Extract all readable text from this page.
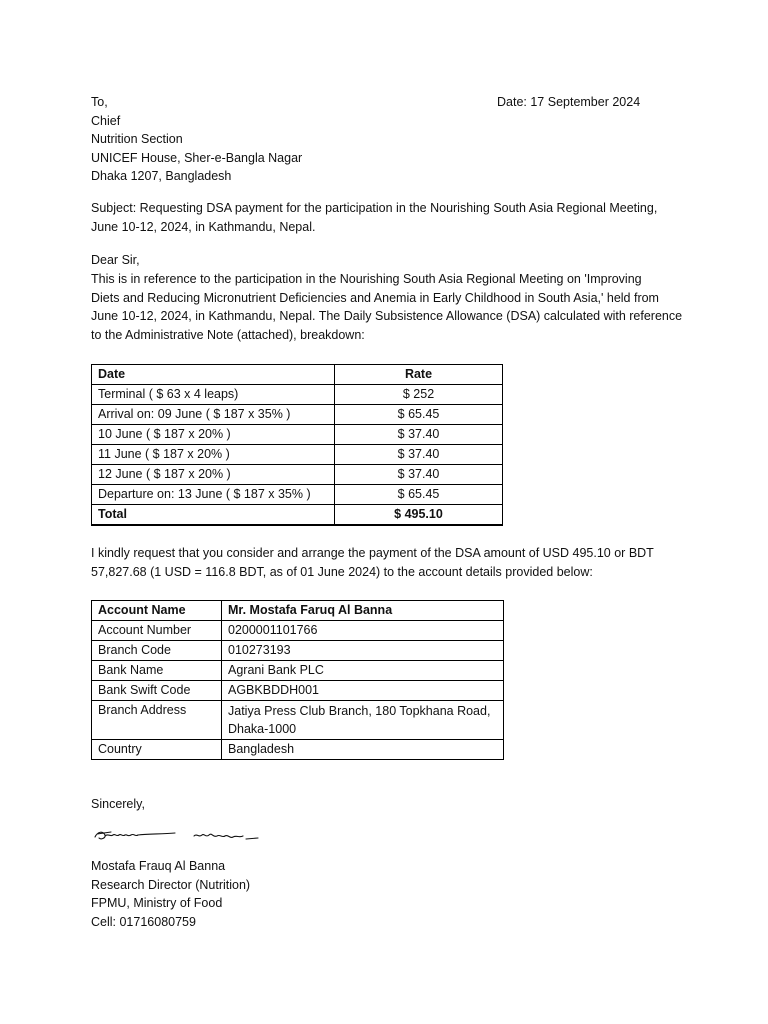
Date: 17 September 2024
To,
Chief
Nutrition Section
UNICEF House, Sher-e-Bangla Nagar
Dhaka 1207, Bangladesh
Subject: Requesting DSA payment for the participation in the Nourishing South Asia Regional Meeting,
June 10-12, 2024, in Kathmandu, Nepal.
Dear Sir,
This is in reference to the participation in the Nourishing South Asia Regional Meeting on 'Improving
Diets and Reducing Micronutrient Deficiencies and Anemia in Early Childhood in South Asia,' held from
June 10-12, 2024, in Kathmandu, Nepal. The Daily Subsistence Allowance (DSA) calculated with reference
to the Administrative Note (attached), breakdown:
Date	Rate
Terminal ( $ 63 x 4 leaps)	$ 252
Arrival on: 09 June ( $ 187 x 35% )	$ 65.45
10 June ( $ 187 x 20% )	$ 37.40
11 June ( $ 187 x 20% )	$ 37.40
12 June ( $ 187 x 20% )	$ 37.40
Departure on: 13 June ( $ 187 x 35% )	$ 65.45
Total	$ 495.10
I kindly request that you consider and arrange the payment of the DSA amount of USD 495.10 or BDT
57,827.68 (1 USD = 116.8 BDT, as of 01 June 2024) to the account details provided below:
Account Name	Mr. Mostafa Faruq Al Banna
Account Number	0200001101766
Branch Code	010273193
Bank Name	Agrani Bank PLC
Bank Swift Code	AGBKBDDH001
Branch Address	Jatiya Press Club Branch, 180 Topkhana Road, Dhaka-1000
Country	Bangladesh
Sincerely,
Mostafa Frauq Al Banna
Research Director (Nutrition)
FPMU, Ministry of Food
Cell: 01716080759
